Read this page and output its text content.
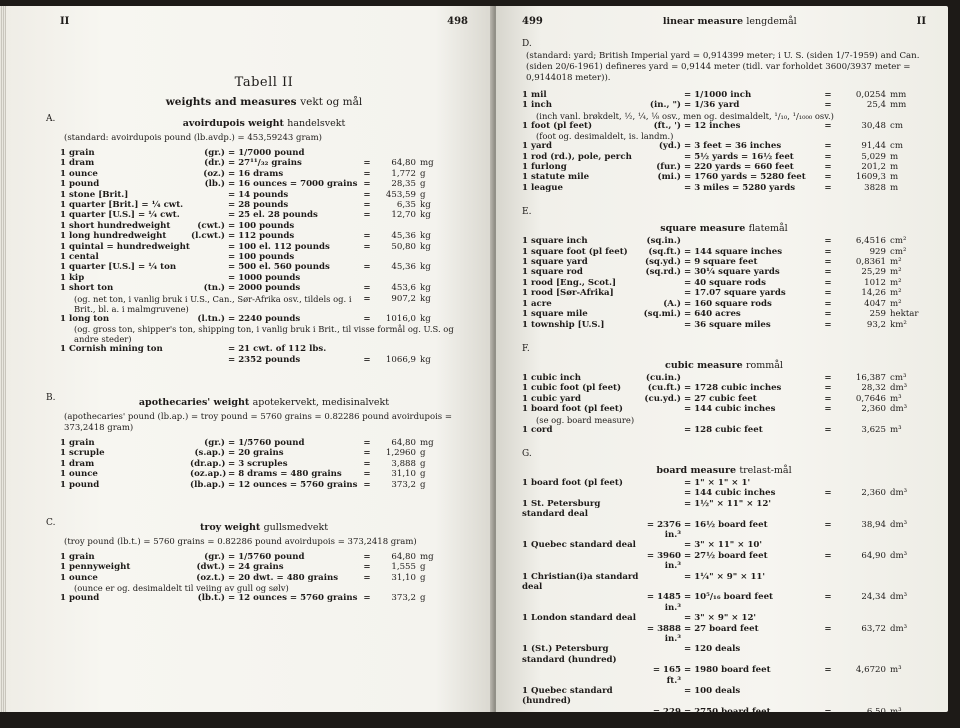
II	498
Tabell II
weights and measures vekt og mål
A.	avoirdupois weight handelsvekt
(standard: avoirdupois pound (lb.avdp.) = 453,59243 gram)
1 grain	(gr.) = 1/7000 pound
1 dram	(dr.) = 27¹¹/₃₂ grains	=	64,80 mg
1 ounce	(oz.) = 16 drams	=	1,772 g
1 pound	(lb.) = 16 ounces = 7000 grains =	28,35 g
1 stone [Brit.]	= 14 pounds	=	453,59 g
1 quarter [Brit.] = ¼ cwt.	= 28 pounds	=	6,35 kg
1 quarter [U.S.] = ¼ cwt.	= 25 el. 28 pounds	=	12,70 kg
1 short hundredweight	(cwt.) = 100 pounds
1 long hundredweight	(l.cwt.) = 112 pounds	=	45,36 kg
1 quintal = hundredweight	= 100 el. 112 pounds	=	50,80 kg
1 cental	= 100 pounds
1 quarter [U.S.] = ¼ ton	= 500 el. 560 pounds	=	45,36 kg
1 kip	= 1000 pounds
1 short ton	(tn.) = 2000 pounds	=	453,6 kg
(og. net ton, i vanlig bruk i U.S., Can., Sør-Afrika osv., tildels og. i Brit., bl. a. i malmgruvene)
=	907,2 kg
1 long ton	(l.tn.) = 2240 pounds	=	1016,0 kg
(og. gross ton, shipper's ton, shipping ton, i vanlig bruk i Brit., til visse formål og. U.S. og andre steder)
1 Cornish mining ton	= 21 cwt. of 112 lbs.
= 2352 pounds	=	1066,9 kg
B.	apothecaries' weight apotekervekt, medisinalvekt
(apothecaries' pound (lb.ap.) = troy pound = 5760 grains = 0.82286 pound avoirdupois = 373,2418 gram)
1 grain	(gr.) = 1/5760 pound	=	64,80 mg
1 scruple	(s.ap.) = 20 grains	=	1,2960 g
1 dram	(dr.ap.) = 3 scruples	=	3,888 g
1 ounce	(oz.ap.) = 8 drams = 480 grains	=	31,10 g
1 pound	(lb.ap.) = 12 ounces = 5760 grains =	373,2 g
C.	troy weight gullsmedvekt
(troy pound (lb.t.) = 5760 grains = 0.82286 pound avoirdupois = 373,2418 gram)
1 grain	(gr.) = 1/5760 pound	=	64,80 mg
1 pennyweight	(dwt.) = 24 grains	=	1,555 g
1 ounce	(oz.t.) = 20 dwt. = 480 grains	=	31,10 g
(ounce er og. desimaldelt til veiing av gull og sølv)
1 pound	(lb.t.) = 12 ounces = 5760 grains =	373,2 g
499	linear measure lengdemål	II
D.
(standard: yard; British Imperial yard = 0,914399 meter; i U. S. (siden 1/7-1959) and Can. (siden 20/6-1961) defineres yard = 0,9144 meter (tidl. var forholdet 3600/3937 meter = 0,9144018 meter)).
1 mil	= 1/1000 inch	=	0,0254 mm
1 inch	(in., ") = 1/36 yard	=	25,4 mm
(inch vanl. brøkdelt, ½, ¼, ⅛ osv., men og. desimaldelt, ¹/₁₀, ¹/₁₀₀₀ osv.)
1 foot (pl feet)	(ft., ') = 12 inches	=	30,48 cm
(foot og. desimaldelt, is. landm.)
1 yard	(yd.) = 3 feet = 36 inches	=	91,44 cm
1 rod (rd.), pole, perch	= 5½ yards = 16½ feet	=	5,029 m
1 furlong	(fur.) = 220 yards = 660 feet	=	201,2 m
1 statute mile	(mi.) = 1760 yards = 5280 feet	=	1609,3 m
1 league	= 3 miles = 5280 yards	=	3828 m
E.
square measure flatemål
1 square inch	(sq.in.)	=	6,4516 cm²
1 square foot (pl feet)	(sq.ft.) = 144 square inches	=	929 cm²
1 square yard	(sq.yd.) = 9 square feet	=	0,8361 m²
1 square rod	(sq.rd.) = 30¼ square yards	=	25,29 m²
1 rood [Eng., Scot.]	= 40 square rods	=	1012 m²
1 rood [Sør-Afrika]	= 17.07 square yards	=	14,26 m²
1 acre	(A.) = 160 square rods	=	4047 m²
1 square mile	(sq.mi.) = 640 acres	=	259 hektar
1 township [U.S.]	= 36 square miles	=	93,2 km²
F.
cubic measure rommål
1 cubic inch	(cu.in.)	=	16,387 cm³
1 cubic foot (pl feet)	(cu.ft.) = 1728 cubic inches	=	28,32 dm³
1 cubic yard	(cu.yd.) = 27 cubic feet	=	0,7646 m³
1 board foot (pl feet)	= 144 cubic inches	=	2,360 dm³
(se og. board measure)
1 cord	= 128 cubic feet	=	3,625 m³
G.
board measure trelast-mål
1 board foot (pl feet)	= 1" × 1" × 1'
= 144 cubic inches	=	2,360 dm³
1 St. Petersburg standard deal
= 1½" × 11" × 12'
= 2376 in.³
= 16½ board feet	=	38,94 dm³
1 Quebec standard deal	= 3" × 11" × 10'
= 3960 in.³
= 27½ board feet	=	64,90 dm³
1 Christian(i)a standard deal
= 1¼" × 9" × 11'
= 1485 in.³
= 10⁵/₁₆ board feet	=	24,34 dm³
1 London standard deal	= 3" × 9" × 12'
= 3888 in.³
= 27 board feet	=	63,72 dm³
1 (St.) Petersburg standard (hundred)
= 120 deals
= 165 ft.³
= 1980 board feet	=	4,6720 m³
1 Quebec standard (hundred)
= 100 deals
= 229 ft.³
= 2750 board feet	=	6,50 m³
